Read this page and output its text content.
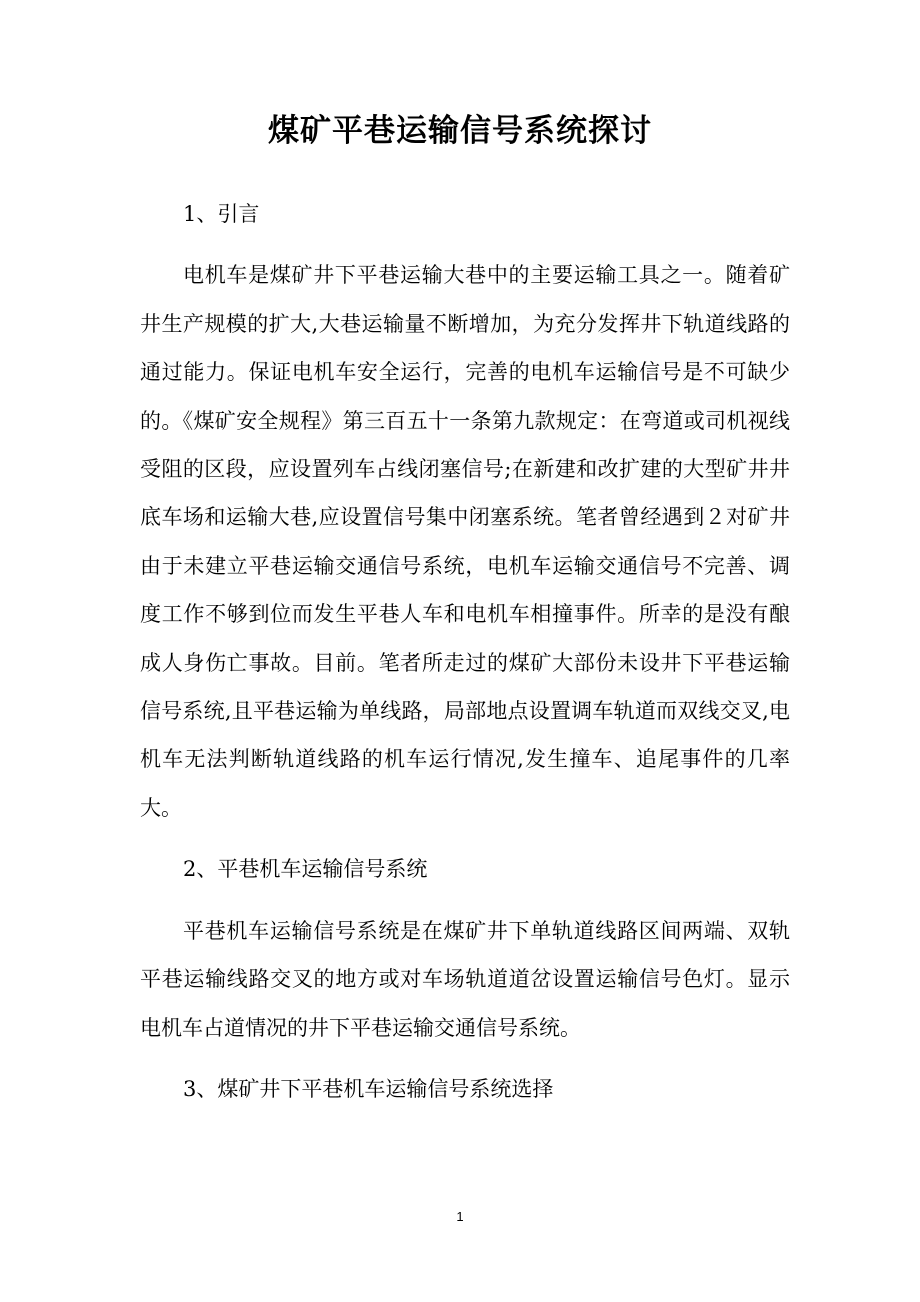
煤矿平巷运输信号系统探讨
1、引言

电机车是煤矿井下平巷运输大巷中的主要运输工具之一。随着矿井生产规模的扩大,大巷运输量不断增加，为充分发挥井下轨道线路的通过能力。保证电机车安全运行，完善的电机车运输信号是不可缺少的。《煤矿安全规程》第三百五十一条第九款规定：在弯道或司机视线受阻的区段，应设置列车占线闭塞信号;在新建和改扩建的大型矿井井底车场和运输大巷,应设置信号集中闭塞系统。笔者曾经遇到２对矿井由于未建立平巷运输交通信号系统，电机车运输交通信号不完善、调度工作不够到位而发生平巷人车和电机车相撞事件。所幸的是没有酿成人身伤亡事故。目前。笔者所走过的煤矿大部份未设井下平巷运输信号系统,且平巷运输为单线路，局部地点设置调车轨道而双线交叉,电机车无法判断轨道线路的机车运行情况,发生撞车、追尾事件的几率大。

2、平巷机车运输信号系统

平巷机车运输信号系统是在煤矿井下单轨道线路区间两端、双轨平巷运输线路交叉的地方或对车场轨道道岔设置运输信号色灯。显示电机车占道情况的井下平巷运输交通信号系统。

3、煤矿井下平巷机车运输信号系统选择
1
